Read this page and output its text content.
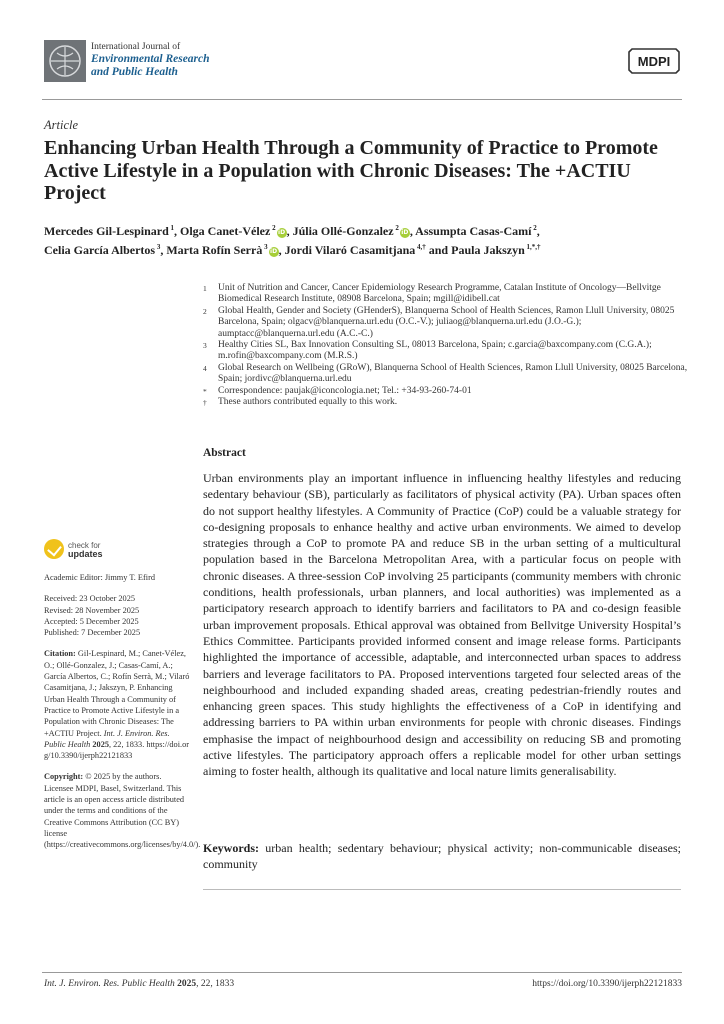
International Journal of
Environmental Research
and Public Health
MDPI
Article
Enhancing Urban Health Through a Community of Practice to Promote Active Lifestyle in a Population with Chronic Diseases: The +ACTIU Project
Mercedes Gil-Lespinard $^1$, Olga Canet-Vélez $^2$iD, Júlia Ollé-Gonzalez $^2$iD, Assumpta Casas-Camí $^2$,
Celia García Albertos $^3$, Marta Rofín Serrà $^3$iD, Jordi Vilaró Casamitjana $^{4,\dagger}$ and Paula Jakszyn $^{1,*,\dagger}$
1 Unit of Nutrition and Cancer, Cancer Epidemiology Research Programme, Catalan Institute of Oncology—Bellvitge Biomedical Research Institute, 08908 Barcelona, Spain; mgill@idibell.cat
2 Global Health, Gender and Society (GHenderS), Blanquerna School of Health Sciences, Ramon Llull University, 08025 Barcelona, Spain; olgacv@blanquerna.url.edu (O.C.-V.); juliaog@blanquerna.url.edu (J.O.-G.); aumptacc@blanquerna.url.edu (A.C.-C.)
3 Healthy Cities SL, Bax Innovation Consulting SL, 08013 Barcelona, Spain; c.garcia@baxcompany.com (C.G.A.); m.rofin@baxcompany.com (M.R.S.)
4 Global Research on Wellbeing (GRoW), Blanquerna School of Health Sciences, Ramon Llull University, 08025 Barcelona, Spain; jordivc@blanquerna.url.edu
* Correspondence: paujak@iconcologia.net; Tel.: +34-93-260-74-01
† These authors contributed equally to this work.
check for
updates

Academic Editor: Jimmy T. Efird

Received: 23 October 2025

Revised: 28 November 2025

Accepted: 5 December 2025

Published: 7 December 2025

Citation: Gil-Lespinard, M.; Canet-Vélez, O.; Ollé-Gonzalez, J.; Casas-Camí, A.; García Albertos, C.; Rofín Serrà, M.; Vilaró Casamitjana, J.; Jakszyn, P. Enhancing Urban Health Through a Community of Practice to Promote Active Lifestyle in a Population with Chronic Diseases: The +ACTIU Project. Int. J. Environ. Res. Public Health 2025, 22, 1833. https://doi.org/10.3390/ijerph22121833

Copyright: © 2025 by the authors. Licensee MDPI, Basel, Switzerland. This article is an open access article distributed under the terms and conditions of the Creative Commons Attribution (CC BY) license (https://creativecommons.org/licenses/by/4.0/).

Abstract
Urban environments play an important influence in influencing healthy lifestyles and reducing sedentary behaviour (SB), particularly as facilitators of physical activity (PA). Urban spaces often do not support healthy lifestyles. A Community of Practice (CoP) could be a valuable strategy for co-designing proposals to enhance healthy and active urban environments. We aimed to develop strategies through a CoP to promote PA and reduce SB in the urban setting of a multicultural population based in the Barcelona Metropolitan Area, with a particular focus on people with chronic diseases. A three-session CoP involving 25 participants (community members with chronic conditions, health professionals, urban planners, and local authorities) was implemented as a participatory research approach to identify barriers and facilitators to PA and co-design feasible urban improvement proposals. Ethical approval was obtained from Bellvitge University Hospital’s Ethics Committee. Participants provided informed consent and image release forms. Participants highlighted the importance of accessible, adaptable, and interconnected urban spaces to address barriers and leverage facilitators to PA. Proposed interventions targeted four selected areas of the neighbourhood and included expanding shaded areas, creating pedestrian-friendly routes and enhancing green spaces. This study highlights the effectiveness of a CoP in identifying and addressing barriers to PA within urban environments for people with chronic diseases. Findings emphasise the impact of neighbourhood design and accessibility on reducing SB and promoting active lifestyles. The participatory approach offers a replicable model for other urban settings aiming to foster health, although its qualitative and local nature limits generalisability.
Keywords: urban health; sedentary behaviour; physical activity; non-communicable diseases; community
Int. J. Environ. Res. Public Health 2025, 22, 1833	https://doi.org/10.3390/ijerph22121833
